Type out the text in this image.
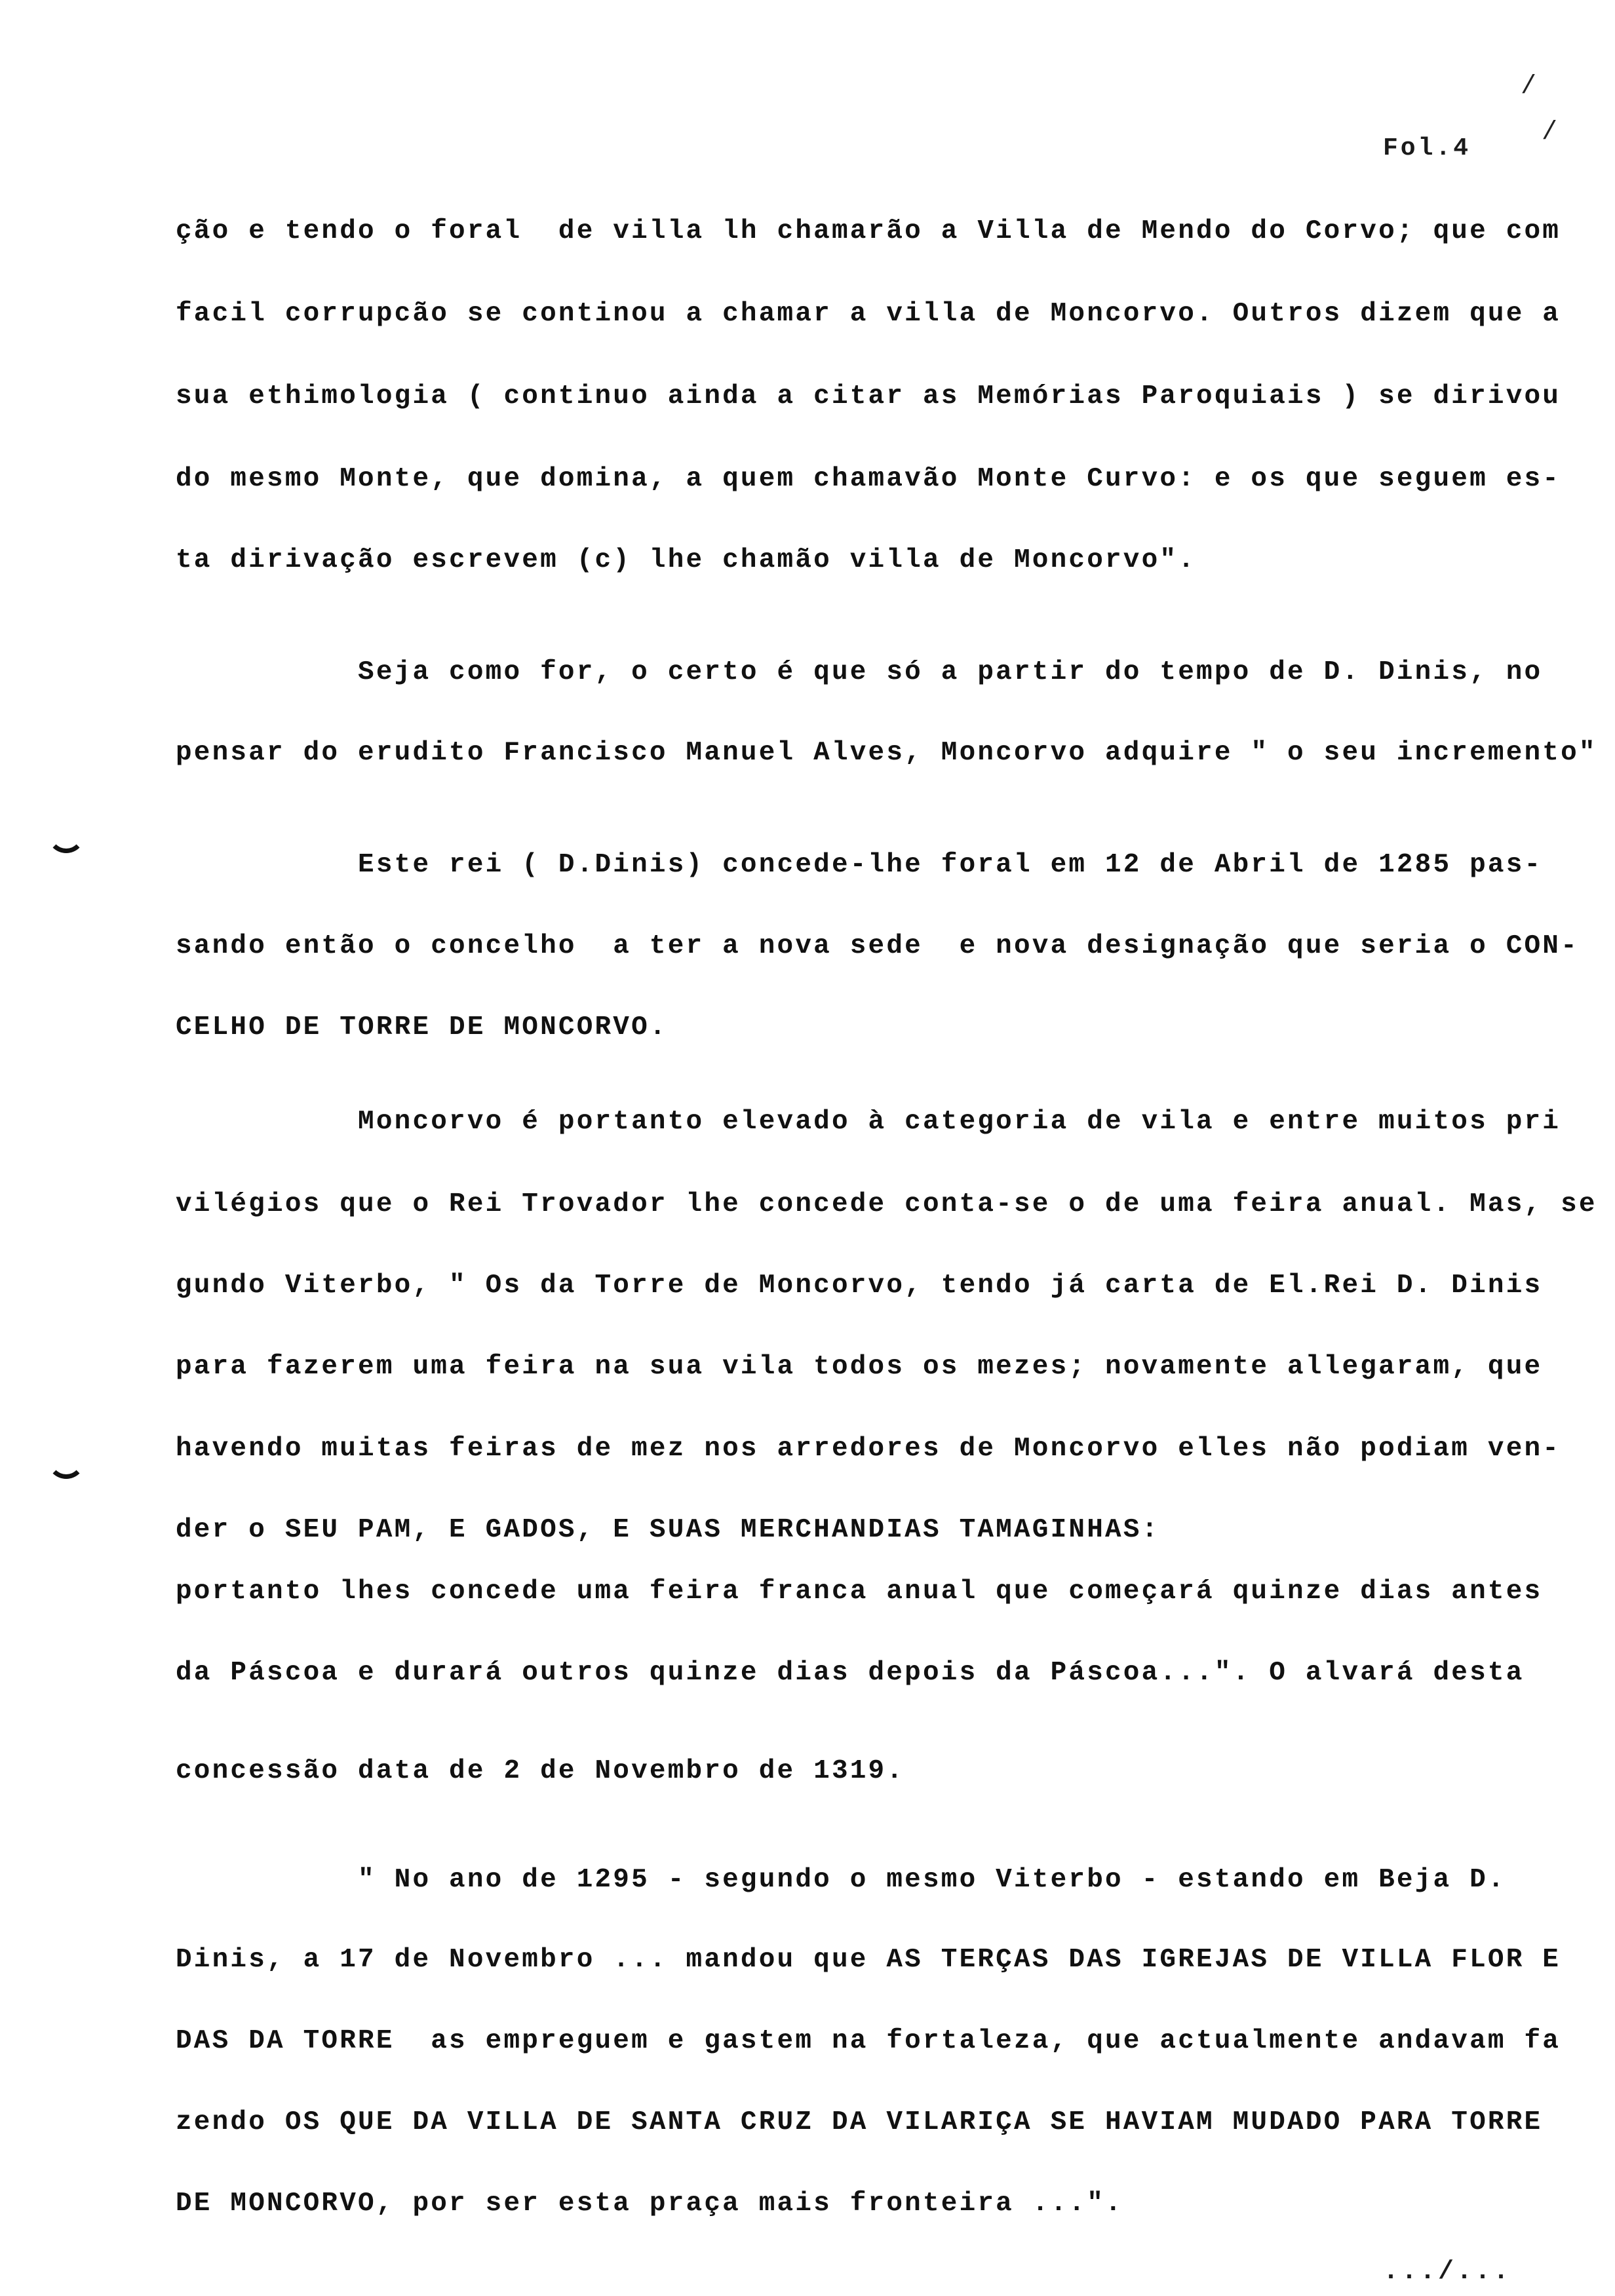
Fol.4
/
/
ção e tendo o foral  de villa lh chamarão a Villa de Mendo do Corvo; que com
facil corrupcão se continou a chamar a villa de Moncorvo. Outros dizem que a
sua ethimologia ( continuo ainda a citar as Memórias Paroquiais ) se dirivou
do mesmo Monte, que domina, a quem chamavão Monte Curvo: e os que seguem es-
ta dirivação escrevem (c) lhe chamão villa de Moncorvo".
Seja como for, o certo é que só a partir do tempo de D. Dinis, no
pensar do erudito Francisco Manuel Alves, Moncorvo adquire " o seu incremento"
Este rei ( D.Dinis) concede-lhe foral em 12 de Abril de 1285 pas-
sando então o concelho  a ter a nova sede  e nova designação que seria o CON-
CELHO DE TORRE DE MONCORVO.
Moncorvo é portanto elevado à categoria de vila e entre muitos pri
vilégios que o Rei Trovador lhe concede conta-se o de uma feira anual. Mas, se
gundo Viterbo, " Os da Torre de Moncorvo, tendo já carta de El.Rei D. Dinis
para fazerem uma feira na sua vila todos os mezes; novamente allegaram, que
havendo muitas feiras de mez nos arredores de Moncorvo elles não podiam ven-
der o SEU PAM, E GADOS, E SUAS MERCHANDIAS TAMAGINHAS:
portanto lhes concede uma feira franca anual que começará quinze dias antes
da Páscoa e durará outros quinze dias depois da Páscoa...". O alvará desta
concessão data de 2 de Novembro de 1319.
" No ano de 1295 - segundo o mesmo Viterbo - estando em Beja D.
Dinis, a 17 de Novembro ... mandou que AS TERÇAS DAS IGREJAS DE VILLA FLOR E
DAS DA TORRE  as empreguem e gastem na fortaleza, que actualmente andavam fa
zendo OS QUE DA VILLA DE SANTA CRUZ DA VILARIÇA SE HAVIAM MUDADO PARA TORRE
DE MONCORVO, por ser esta praça mais fronteira ...".
.../...
